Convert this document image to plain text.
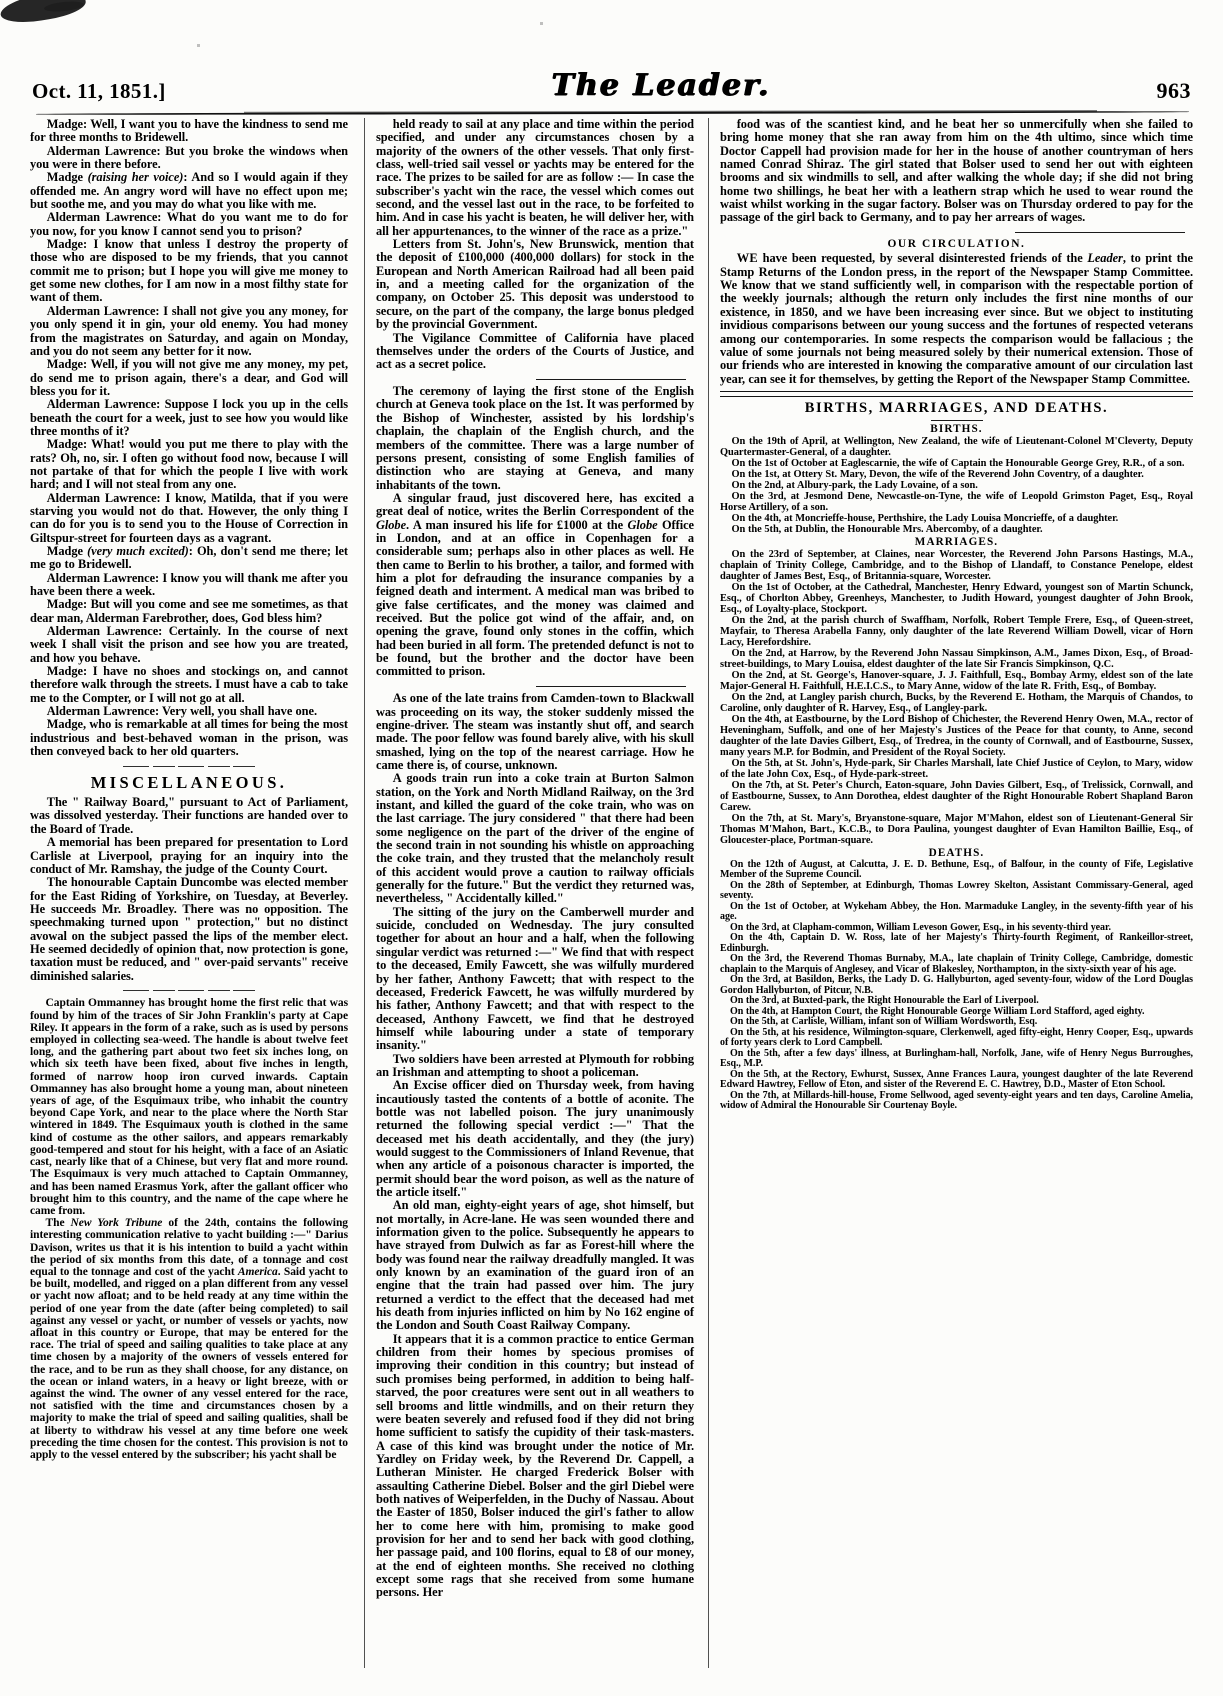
Oct. 11, 1851.]	The Leader.	963

Madge: Well, I want you to have the kindness to send me for three months to Bridewell.

Alderman Lawrence: But you broke the windows when you were in there before.

Madge (raising her voice): And so I would again if they offended me. An angry word will have no effect upon me; but soothe me, and you may do what you like with me.

Alderman Lawrence: What do you want me to do for you now, for you know I cannot send you to prison?

Madge: I know that unless I destroy the property of those who are disposed to be my friends, that you cannot commit me to prison; but I hope you will give me money to get some new clothes, for I am now in a most filthy state for want of them.

Alderman Lawrence: I shall not give you any money, for you only spend it in gin, your old enemy. You had money from the magistrates on Saturday, and again on Monday, and you do not seem any better for it now.

Madge: Well, if you will not give me any money, my pet, do send me to prison again, there's a dear, and God will bless you for it.

Alderman Lawrence: Suppose I lock you up in the cells beneath the court for a week, just to see how you would like three months of it?

Madge: What! would you put me there to play with the rats? Oh, no, sir. I often go without food now, because I will not partake of that for which the people I live with work hard; and I will not steal from any one.

Alderman Lawrence: I know, Matilda, that if you were starving you would not do that. However, the only thing I can do for you is to send you to the House of Correction in Giltspur-street for fourteen days as a vagrant.

Madge (very much excited): Oh, don't send me there; let me go to Bridewell.

Alderman Lawrence: I know you will thank me after you have been there a week.

Madge: But will you come and see me sometimes, as that dear man, Alderman Farebrother, does, God bless him?

Alderman Lawrence: Certainly. In the course of next week I shall visit the prison and see how you are treated, and how you behave.

Madge: I have no shoes and stockings on, and cannot therefore walk through the streets. I must have a cab to take me to the Compter, or I will not go at all.

Alderman Lawrence: Very well, you shall have one.

Madge, who is remarkable at all times for being the most industrious and best-behaved woman in the prison, was then conveyed back to her old quarters.

MISCELLANEOUS.

The " Railway Board," pursuant to Act of Parliament, was dissolved yesterday. Their functions are handed over to the Board of Trade.

A memorial has been prepared for presentation to Lord Carlisle at Liverpool, praying for an inquiry into the conduct of Mr. Ramshay, the judge of the County Court.

The honourable Captain Duncombe was elected member for the East Riding of Yorkshire, on Tuesday, at Beverley. He succeeds Mr. Broadley. There was no opposition. The speechmaking turned upon " protection," but no distinct avowal on the subject passed the lips of the member elect. He seemed decidedly of opinion that, now protection is gone, taxation must be reduced, and " over-paid servants" receive diminished salaries.

Captain Ommanney has brought home the first relic that was found by him of the traces of Sir John Franklin's party at Cape Riley. It appears in the form of a rake, such as is used by persons employed in collecting sea-weed. The handle is about twelve feet long, and the gathering part about two feet six inches long, on which six teeth have been fixed, about five inches in length, formed of narrow hoop iron curved inwards. Captain Ommanney has also brought home a young man, about nineteen years of age, of the Esquimaux tribe, who inhabit the country beyond Cape York, and near to the place where the North Star wintered in 1849. The Esquimaux youth is clothed in the same kind of costume as the other sailors, and appears remarkably good-tempered and stout for his height, with a face of an Asiatic cast, nearly like that of a Chinese, but very flat and more round. The Esquimaux is very much attached to Captain Ommanney, and has been named Erasmus York, after the gallant officer who brought him to this country, and the name of the cape where he came from.

The New York Tribune of the 24th, contains the following interesting communication relative to yacht building :—" Darius Davison, writes us that it is his intention to build a yacht within the period of six months from this date, of a tonnage and cost equal to the tonnage and cost of the yacht America. Said yacht to be built, modelled, and rigged on a plan different from any vessel or yacht now afloat; and to be held ready at any time within the period of one year from the date (after being completed) to sail against any vessel or yacht, or number of vessels or yachts, now afloat in this country or Europe, that may be entered for the race. The trial of speed and sailing qualities to take place at any time chosen by a majority of the owners of vessels entered for the race, and to be run as they shall choose, for any distance, on the ocean or inland waters, in a heavy or light breeze, with or against the wind. The owner of any vessel entered for the race, not satisfied with the time and circumstances chosen by a majority to make the trial of speed and sailing qualities, shall be at liberty to withdraw his vessel at any time before one week preceding the time chosen for the contest. This provision is not to apply to the vessel entered by the subscriber; his yacht shall be

held ready to sail at any place and time within the period specified, and under any circumstances chosen by a majority of the owners of the other vessels. That only first-class, well-tried sail vessel or yachts may be entered for the race. The prizes to be sailed for are as follow :— In case the subscriber's yacht win the race, the vessel which comes out second, and the vessel last out in the race, to be forfeited to him. And in case his yacht is beaten, he will deliver her, with all her appurtenances, to the winner of the race as a prize."

Letters from St. John's, New Brunswick, mention that the deposit of £100,000 (400,000 dollars) for stock in the European and North American Railroad had all been paid in, and a meeting called for the organization of the company, on October 25. This deposit was understood to secure, on the part of the company, the large bonus pledged by the provincial Government.

The Vigilance Committee of California have placed themselves under the orders of the Courts of Justice, and act as a secret police.

The ceremony of laying the first stone of the English church at Geneva took place on the 1st. It was performed by the Bishop of Winchester, assisted by his lordship's chaplain, the chaplain of the English church, and the members of the committee. There was a large number of persons present, consisting of some English families of distinction who are staying at Geneva, and many inhabitants of the town.

A singular fraud, just discovered here, has excited a great deal of notice, writes the Berlin Correspondent of the Globe. A man insured his life for £1000 at the Globe Office in London, and at an office in Copenhagen for a considerable sum; perhaps also in other places as well. He then came to Berlin to his brother, a tailor, and formed with him a plot for defrauding the insurance companies by a feigned death and interment. A medical man was bribed to give false certificates, and the money was claimed and received. But the police got wind of the affair, and, on opening the grave, found only stones in the coffin, which had been buried in all form. The pretended defunct is not to be found, but the brother and the doctor have been committed to prison.

As one of the late trains from Camden-town to Blackwall was proceeding on its way, the stoker suddenly missed the engine-driver. The steam was instantly shut off, and search made. The poor fellow was found barely alive, with his skull smashed, lying on the top of the nearest carriage. How he came there is, of course, unknown.

A goods train run into a coke train at Burton Salmon station, on the York and North Midland Railway, on the 3rd instant, and killed the guard of the coke train, who was on the last carriage. The jury considered " that there had been some negligence on the part of the driver of the engine of the second train in not sounding his whistle on approaching the coke train, and they trusted that the melancholy result of this accident would prove a caution to railway officials generally for the future." But the verdict they returned was, nevertheless, " Accidentally killed."

The sitting of the jury on the Camberwell murder and suicide, concluded on Wednesday. The jury consulted together for about an hour and a half, when the following singular verdict was returned :—" We find that with respect to the deceased, Emily Fawcett, she was wilfully murdered by her father, Anthony Fawcett; that with respect to the deceased, Frederick Fawcett, he was wilfully murdered by his father, Anthony Fawcett; and that with respect to the deceased, Anthony Fawcett, we find that he destroyed himself while labouring under a state of temporary insanity."

Two soldiers have been arrested at Plymouth for robbing an Irishman and attempting to shoot a policeman.

An Excise officer died on Thursday week, from having incautiously tasted the contents of a bottle of aconite. The bottle was not labelled poison. The jury unanimously returned the following special verdict :—" That the deceased met his death accidentally, and they (the jury) would suggest to the Commissioners of Inland Revenue, that when any article of a poisonous character is imported, the permit should bear the word poison, as well as the nature of the article itself."

An old man, eighty-eight years of age, shot himself, but not mortally, in Acre-lane. He was seen wounded there and information given to the police. Subsequently he appears to have strayed from Dulwich as far as Forest-hill where the body was found near the railway dreadfully mangled. It was only known by an examination of the guard iron of an engine that the train had passed over him. The jury returned a verdict to the effect that the deceased had met his death from injuries inflicted on him by No 162 engine of the London and South Coast Railway Company.

It appears that it is a common practice to entice German children from their homes by specious promises of improving their condition in this country; but instead of such promises being performed, in addition to being half-starved, the poor creatures were sent out in all weathers to sell brooms and little windmills, and on their return they were beaten severely and refused food if they did not bring home sufficient to satisfy the cupidity of their task-masters. A case of this kind was brought under the notice of Mr. Yardley on Friday week, by the Reverend Dr. Cappell, a Lutheran Minister. He charged Frederick Bolser with assaulting Catherine Diebel. Bolser and the girl Diebel were both natives of Weiperfelden, in the Duchy of Nassau. About the Easter of 1850, Bolser induced the girl's father to allow her to come here with him, promising to make good provision for her and to send her back with good clothing, her passage paid, and 100 florins, equal to £8 of our money, at the end of eighteen months. She received no clothing except some rags that she received from some humane persons. Her

food was of the scantiest kind, and he beat her so unmercifully when she failed to bring home money that she ran away from him on the 4th ultimo, since which time Doctor Cappell had provision made for her in the house of another countryman of hers named Conrad Shiraz. The girl stated that Bolser used to send her out with eighteen brooms and six windmills to sell, and after walking the whole day; if she did not bring home two shillings, he beat her with a leathern strap which he used to wear round the waist whilst working in the sugar factory. Bolser was on Thursday ordered to pay for the passage of the girl back to Germany, and to pay her arrears of wages.

OUR CIRCULATION.

WE have been requested, by several disinterested friends of the Leader, to print the Stamp Returns of the London press, in the report of the Newspaper Stamp Committee. We know that we stand sufficiently well, in comparison with the respectable portion of the weekly journals; although the return only includes the first nine months of our existence, in 1850, and we have been increasing ever since. But we object to instituting invidious comparisons between our young success and the fortunes of respected veterans among our contemporaries. In some respects the comparison would be fallacious ; the value of some journals not being measured solely by their numerical extension. Those of our friends who are interested in knowing the comparative amount of our circulation last year, can see it for themselves, by getting the Report of the Newspaper Stamp Committee.

BIRTHS, MARRIAGES, AND DEATHS.
BIRTHS.

On the 19th of April, at Wellington, New Zealand, the wife of Lieutenant-Colonel M'Cleverty, Deputy Quartermaster-General, of a daughter.

On the 1st of October at Eaglescarnie, the wife of Captain the Honourable George Grey, R.R., of a son.

On the 1st, at Ottery St. Mary, Devon, the wife of the Reverend John Coventry, of a daughter.

On the 2nd, at Albury-park, the Lady Lovaine, of a son.

On the 3rd, at Jesmond Dene, Newcastle-on-Tyne, the wife of Leopold Grimston Paget, Esq., Royal Horse Artillery, of a son.

On the 4th, at Moncrieffe-house, Perthshire, the Lady Louisa Moncrieffe, of a daughter.

On the 5th, at Dublin, the Honourable Mrs. Abercomby, of a daughter.

MARRIAGES.

On the 23rd of September, at Claines, near Worcester, the Reverend John Parsons Hastings, M.A., chaplain of Trinity College, Cambridge, and to the Bishop of Llandaff, to Constance Penelope, eldest daughter of James Best, Esq., of Britannia-square, Worcester.

On the 1st of October, at the Cathedral, Manchester, Henry Edward, youngest son of Martin Schunck, Esq., of Chorlton Abbey, Greenheys, Manchester, to Judith Howard, youngest daughter of John Brook, Esq., of Loyalty-place, Stockport.

On the 2nd, at the parish church of Swaffham, Norfolk, Robert Temple Frere, Esq., of Queen-street, Mayfair, to Theresa Arabella Fanny, only daughter of the late Reverend William Dowell, vicar of Horn Lacy, Herefordshire.

On the 2nd, at Harrow, by the Reverend John Nassau Simpkinson, A.M., James Dixon, Esq., of Broad-street-buildings, to Mary Louisa, eldest daughter of the late Sir Francis Simpkinson, Q.C.

On the 2nd, at St. George's, Hanover-square, J. J. Faithfull, Esq., Bombay Army, eldest son of the late Major-General H. Faithfull, H.E.I.C.S., to Mary Anne, widow of the late R. Frith, Esq., of Bombay.

On the 2nd, at Langley parish church, Bucks, by the Reverend E. Hotham, the Marquis of Chandos, to Caroline, only daughter of R. Harvey, Esq., of Langley-park.

On the 4th, at Eastbourne, by the Lord Bishop of Chichester, the Reverend Henry Owen, M.A., rector of Heveningham, Suffolk, and one of her Majesty's Justices of the Peace for that county, to Anne, second daughter of the late Davies Gilbert, Esq., of Tredrea, in the county of Cornwall, and of Eastbourne, Sussex, many years M.P. for Bodmin, and President of the Royal Society.

On the 5th, at St. John's, Hyde-park, Sir Charles Marshall, late Chief Justice of Ceylon, to Mary, widow of the late John Cox, Esq., of Hyde-park-street.

On the 7th, at St. Peter's Church, Eaton-square, John Davies Gilbert, Esq., of Trelissick, Cornwall, and of Eastbourne, Sussex, to Ann Dorothea, eldest daughter of the Right Honourable Robert Shapland Baron Carew.

On the 7th, at St. Mary's, Bryanstone-square, Major M'Mahon, eldest son of Lieutenant-General Sir Thomas M'Mahon, Bart., K.C.B., to Dora Paulina, youngest daughter of Evan Hamilton Baillie, Esq., of Gloucester-place, Portman-square.

DEATHS.

On the 12th of August, at Calcutta, J. E. D. Bethune, Esq., of Balfour, in the county of Fife, Legislative Member of the Supreme Council.

On the 28th of September, at Edinburgh, Thomas Lowrey Skelton, Assistant Commissary-General, aged seventy.

On the 1st of October, at Wykeham Abbey, the Hon. Marmaduke Langley, in the seventy-fifth year of his age.

On the 3rd, at Clapham-common, William Leveson Gower, Esq., in his seventy-third year.

On the 4th, Captain D. W. Ross, late of her Majesty's Thirty-fourth Regiment, of Rankeillor-street, Edinburgh.

On the 3rd, the Reverend Thomas Burnaby, M.A., late chaplain of Trinity College, Cambridge, domestic chaplain to the Marquis of Anglesey, and Vicar of Blakesley, Northampton, in the sixty-sixth year of his age.

On the 3rd, at Basildon, Berks, the Lady D. G. Hallyburton, aged seventy-four, widow of the Lord Douglas Gordon Hallyburton, of Pitcur, N.B.

On the 3rd, at Buxted-park, the Right Honourable the Earl of Liverpool.

On the 4th, at Hampton Court, the Right Honourable George William Lord Stafford, aged eighty.

On the 5th, at Carlisle, William, infant son of William Wordsworth, Esq.

On the 5th, at his residence, Wilmington-square, Clerkenwell, aged fifty-eight, Henry Cooper, Esq., upwards of forty years clerk to Lord Campbell.

On the 5th, after a few days' illness, at Burlingham-hall, Norfolk, Jane, wife of Henry Negus Burroughes, Esq., M.P.

On the 5th, at the Rectory, Ewhurst, Sussex, Anne Frances Laura, youngest daughter of the late Reverend Edward Hawtrey, Fellow of Eton, and sister of the Reverend E. C. Hawtrey, D.D., Master of Eton School.

On the 7th, at Millards-hill-house, Frome Sellwood, aged seventy-eight years and ten days, Caroline Amelia, widow of Admiral the Honourable Sir Courtenay Boyle.
